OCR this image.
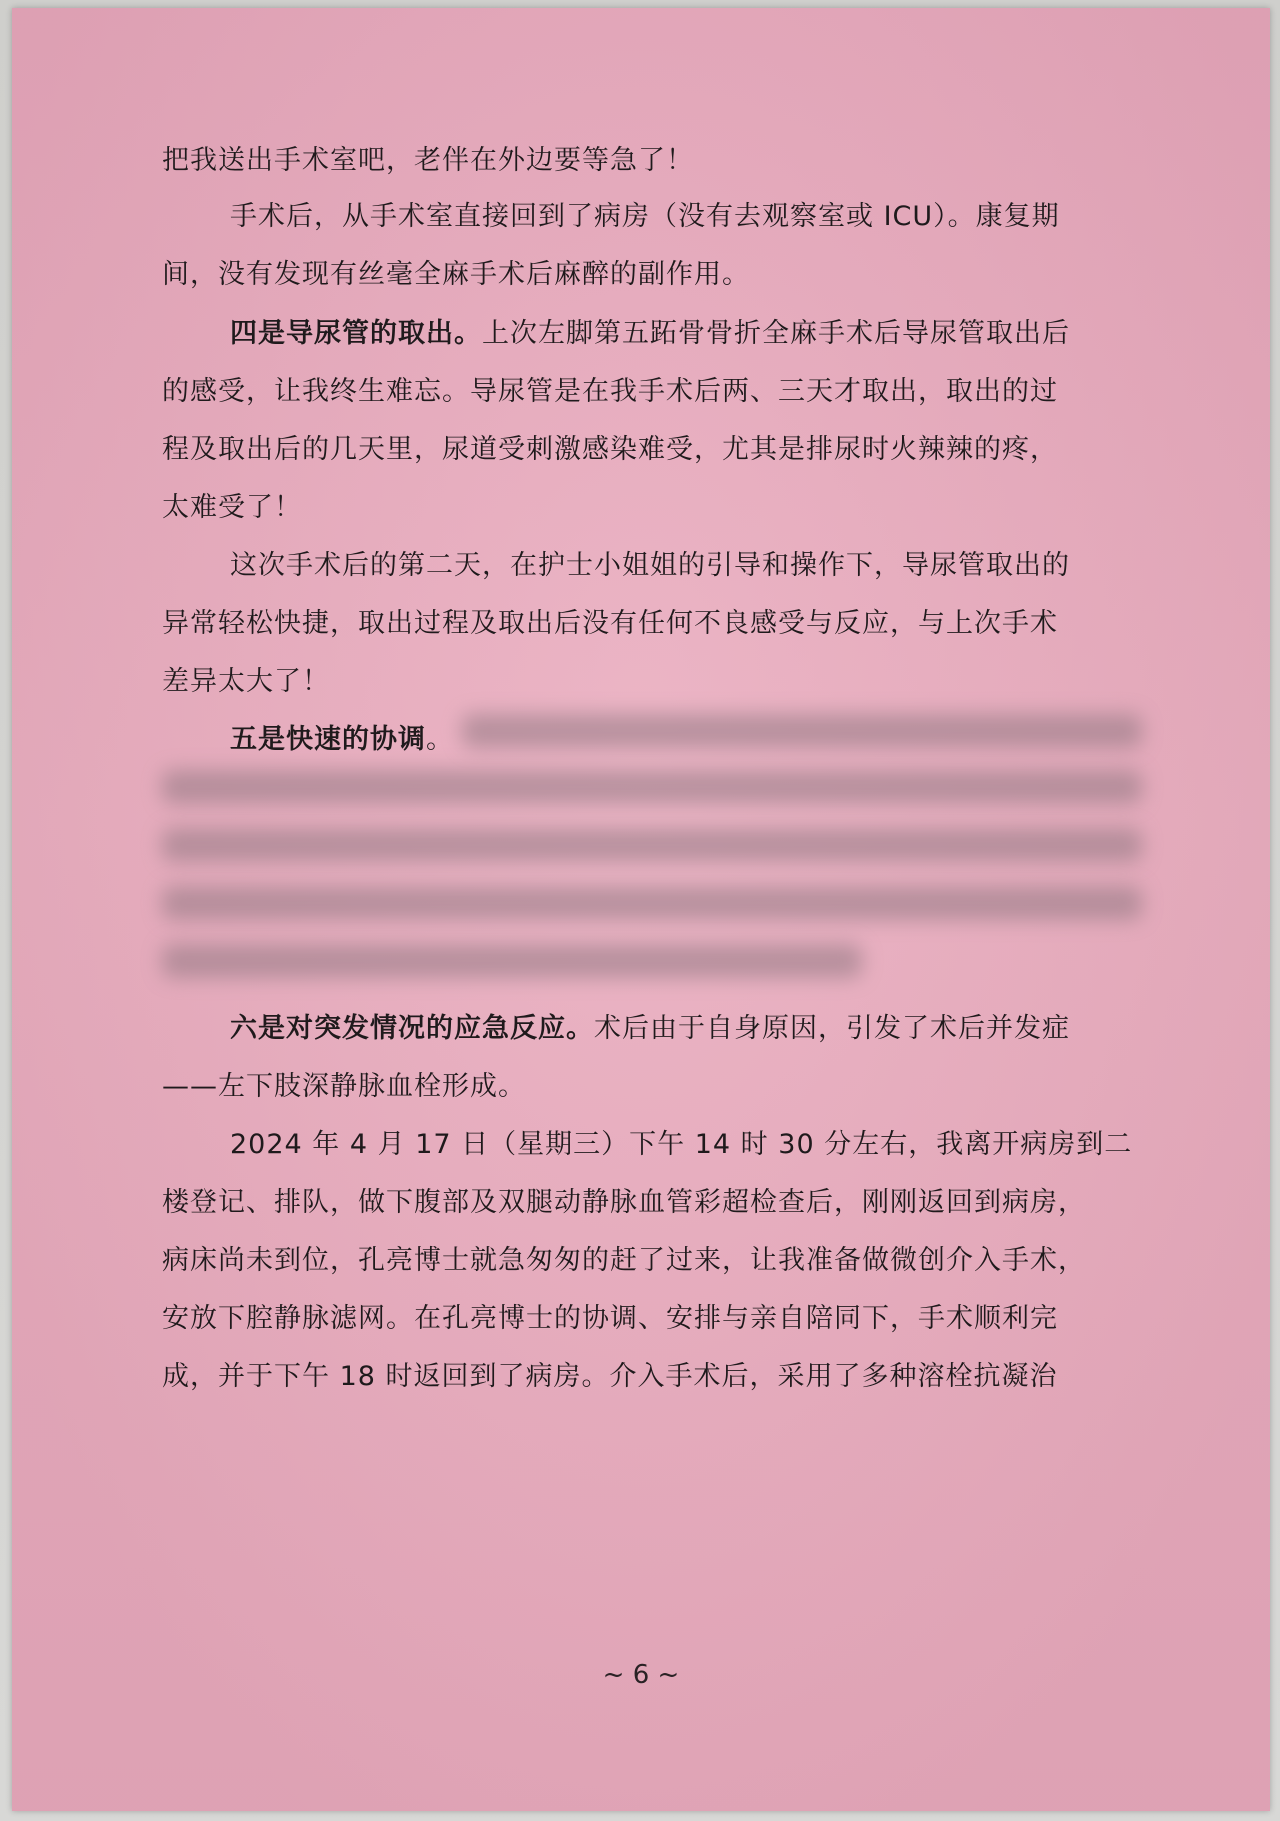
把我送出手术室吧，老伴在外边要等急了！
手术后，从手术室直接回到了病房（没有去观察室或 ICU）。康复期
间，没有发现有丝毫全麻手术后麻醉的副作用。
四是导尿管的取出。上次左脚第五跖骨骨折全麻手术后导尿管取出后
的感受，让我终生难忘。导尿管是在我手术后两、三天才取出，取出的过
程及取出后的几天里，尿道受刺激感染难受，尤其是排尿时火辣辣的疼，
太难受了！
这次手术后的第二天，在护士小姐姐的引导和操作下，导尿管取出的
异常轻松快捷，取出过程及取出后没有任何不良感受与反应，与上次手术
差异太大了！
五是快速的协调。
六是对突发情况的应急反应。术后由于自身原因，引发了术后并发症
——左下肢深静脉血栓形成。
2024 年 4 月 17 日（星期三）下午 14 时 30 分左右，我离开病房到二
楼登记、排队，做下腹部及双腿动静脉血管彩超检查后，刚刚返回到病房，
病床尚未到位，孔亮博士就急匆匆的赶了过来，让我准备做微创介入手术，
安放下腔静脉滤网。在孔亮博士的协调、安排与亲自陪同下，手术顺利完
成，并于下午 18 时返回到了病房。介入手术后，采用了多种溶栓抗凝治
~ 6 ~
